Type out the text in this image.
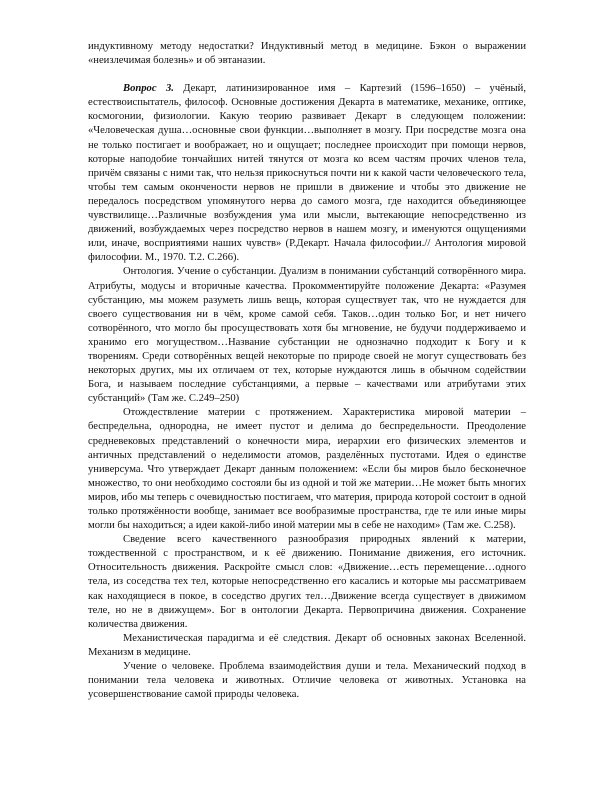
индуктивному методу недостатки? Индуктивный метод в медицине. Бэкон о выражении «неизлечимая болезнь» и об эвтаназии.

Вопрос 3. Декарт, латинизированное имя – Картезий (1596–1650) – учёный, естествоиспытатель, философ. Основные достижения Декарта в математике, механике, оптике, космогонии, физиологии. Какую теорию развивает Декарт в следующем положении: «Человеческая душа…основные свои функции…выполняет в мозгу. При посредстве мозга она не только постигает и воображает, но и ощущает; последнее происходит при помощи нервов, которые наподобие тончайших нитей тянутся от мозга ко всем частям прочих членов тела, причём связаны с ними так, что нельзя прикоснуться почти ни к какой части человеческого тела, чтобы тем самым окончености нервов не пришли в движение и чтобы это движение не передалось посредством упомянутого нерва до самого мозга, где находится объединяющее чувствилище…Различные возбуждения ума или мысли, вытекающие непосредственно из движений, возбуждаемых через посредство нервов в нашем мозгу, и именуются ощущениями или, иначе, восприятиями наших чувств» (Р.Декарт. Начала философии.// Антология мировой философии. М., 1970. Т.2. С.266).

Онтология. Учение о субстанции. Дуализм в понимании субстанций сотворённого мира. Атрибуты, модусы и вторичные качества. Прокомментируйте положение Декарта: «Разумея субстанцию, мы можем разуметь лишь вещь, которая существует так, что не нуждается для своего существования ни в чём, кроме самой себя. Таков…один только Бог, и нет ничего сотворённого, что могло бы просуществовать хотя бы мгновение, не будучи поддерживаемо и хранимо его могуществом…Название субстанции не однозначно подходит к Богу и к творениям. Среди сотворённых вещей некоторые по природе своей не могут существовать без некоторых других, мы их отличаем от тех, которые нуждаются лишь в обычном содействии Бога, и называем последние субстанциями, а первые – качествами или атрибутами этих субстанций» (Там же. С.249–250)

Отождествление материи с протяжением. Характеристика мировой материи – беспредельна, однородна, не имеет пустот и делима до беспредельности. Преодоление средневековых представлений о конечности мира, иерархии его физических элементов и античных представлений о неделимости атомов, разделённых пустотами. Идея о единстве универсума. Что утверждает Декарт данным положением: «Если бы миров было бесконечное множество, то они необходимо состояли бы из одной и той же материи…Не может быть многих миров, ибо мы теперь с очевидностью постигаем, что материя, природа которой состоит в одной только протяжённости вообще, занимает все вообразимые пространства, где те или иные миры могли бы находиться; а идеи какой-либо иной материи мы в себе не находим» (Там же. С.258).

Сведение всего качественного разнообразия природных явлений к материи, тождественной с пространством, и к её движению. Понимание движения, его источник. Относительность движения. Раскройте смысл слов: «Движение…есть перемещение…одного тела, из соседства тех тел, которые непосредственно его касались и которые мы рассматриваем как находящиеся в покое, в соседство других тел…Движение всегда существует в движимом теле, но не в движущем». Бог в онтологии Декарта. Первопричина движения. Сохранение количества движения.

Механистическая парадигма и её следствия. Декарт об основных законах Вселенной. Механизм в медицине.

Учение о человеке. Проблема взаимодействия души и тела. Механический подход в понимании тела человека и животных. Отличие человека от животных. Установка на усовершенствование самой природы человека.
